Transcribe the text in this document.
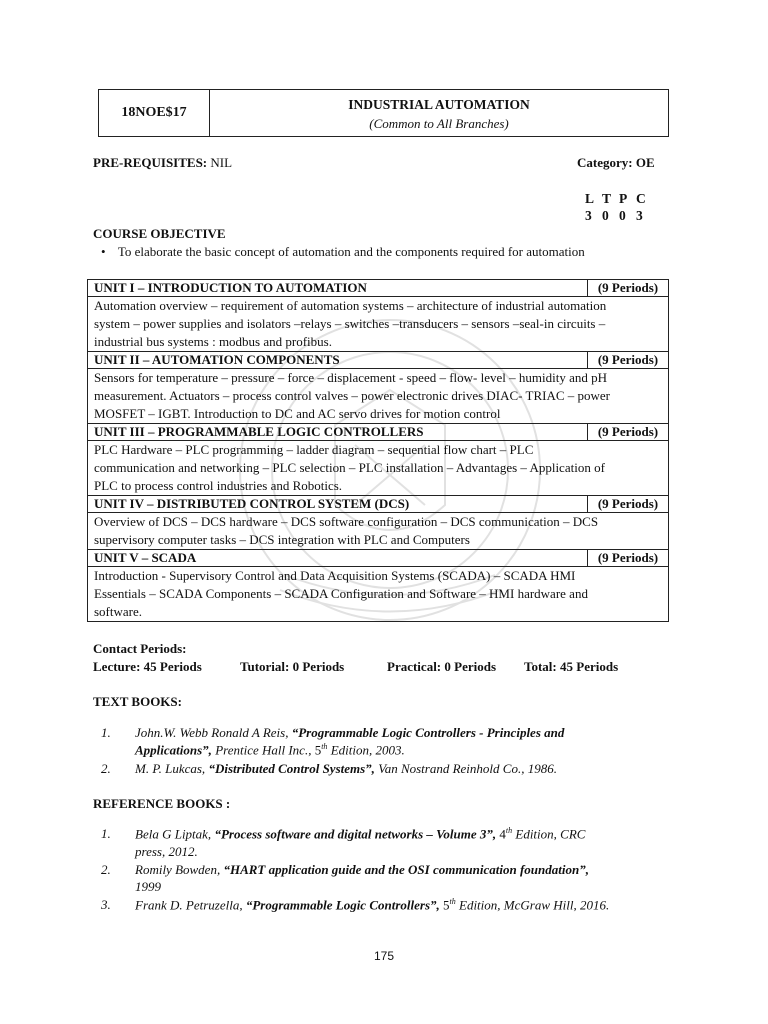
18NOE$17
INDUSTRIAL AUTOMATION
(Common to All Branches)
PRE-REQUISITES: NIL	Category: OE
L T P C
3 0 0 3
COURSE OBJECTIVE
• To elaborate the basic concept of automation and the components required for automation
UNIT I – INTRODUCTION TO AUTOMATION	(9 Periods)
Automation overview – requirement of automation systems – architecture of industrial automation
system – power supplies and isolators –relays – switches –transducers – sensors –seal-in circuits –
industrial bus systems : modbus and profibus.
UNIT II – AUTOMATION COMPONENTS	(9 Periods)
Sensors for temperature – pressure – force – displacement - speed – flow- level – humidity and pH
measurement. Actuators – process control valves – power electronic drives DIAC- TRIAC – power
MOSFET – IGBT. Introduction to DC and AC servo drives for motion control
UNIT III – PROGRAMMABLE LOGIC CONTROLLERS	(9 Periods)
PLC Hardware – PLC programming – ladder diagram – sequential flow chart – PLC
communication and networking – PLC selection – PLC installation – Advantages – Application of
PLC to process control industries and Robotics.
UNIT IV – DISTRIBUTED CONTROL SYSTEM (DCS)	(9 Periods)
Overview of DCS – DCS hardware – DCS software configuration – DCS communication – DCS
supervisory computer tasks – DCS integration with PLC and Computers
UNIT V – SCADA	(9 Periods)
Introduction - Supervisory Control and Data Acquisition Systems (SCADA) – SCADA HMI
Essentials – SCADA Components – SCADA Configuration and Software – HMI hardware and
software.
Contact Periods:
Lecture: 45 Periods	Tutorial: 0 Periods	Practical: 0 Periods Total: 45 Periods
TEXT BOOKS:
1. John.W. Webb Ronald A Reis, “Programmable Logic Controllers - Principles and
Applications”, Prentice Hall Inc., 5th Edition, 2003.
2. M. P. Lukcas, “Distributed Control Systems”, Van Nostrand Reinhold Co., 1986.
REFERENCE BOOKS :
1. Bela G Liptak, “Process software and digital networks – Volume 3”, 4th Edition, CRC
press, 2012.
2. Romily Bowden, “HART application guide and the OSI communication foundation”,
1999
3. Frank D. Petruzella, “Programmable Logic Controllers”, 5th Edition, McGraw Hill, 2016.
175
